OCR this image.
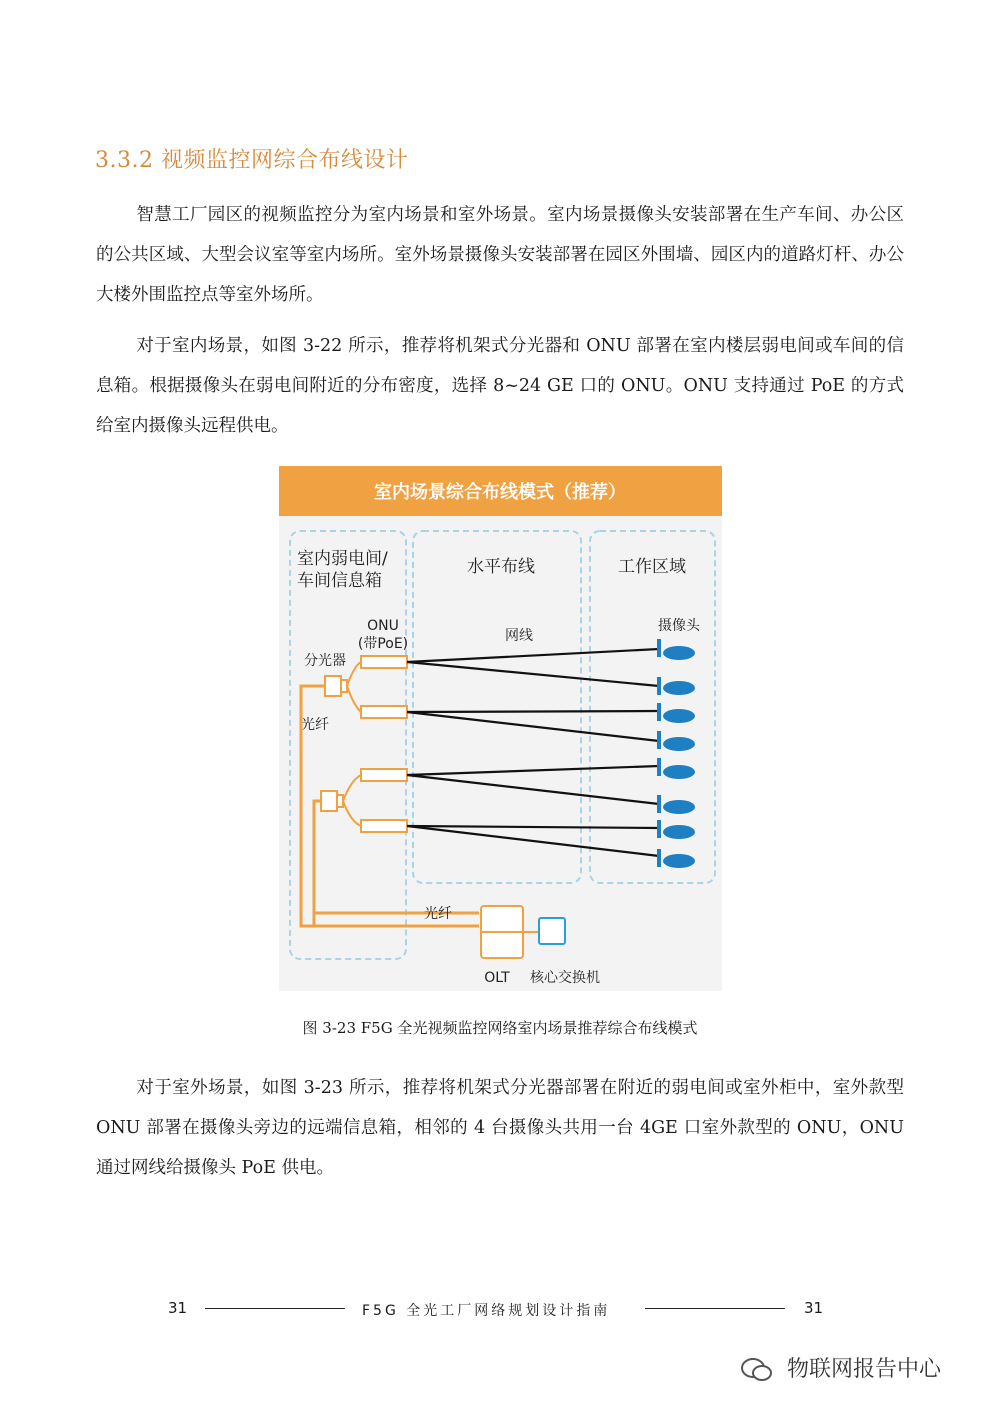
3.3.2 视频监控网综合布线设计
智慧工厂园区的视频监控分为室内场景和室外场景。室内场景摄像头安装部署在生产车间、办公区的公共区域、大型会议室等室内场所。室外场景摄像头安装部署在园区外围墙、园区内的道路灯杆、办公大楼外围监控点等室外场所。
对于室内场景，如图 3-22 所示，推荐将机架式分光器和 ONU 部署在室内楼层弱电间或车间的信息箱。根据摄像头在弱电间附近的分布密度，选择 8~24 GE 口的 ONU。ONU 支持通过 PoE 的方式给室内摄像头远程供电。
室内场景综合布线模式（推荐）
室内弱电间/
车间信息箱
水平布线	工作区域
ONU
(带PoE)
分光器
光纤
网线
摄像头
光纤
OLT 核心交换机
图 3-23 F5G 全光视频监控网络室内场景推荐综合布线模式
对于室外场景，如图 3-23 所示，推荐将机架式分光器部署在附近的弱电间或室外柜中，室外款型 ONU 部署在摄像头旁边的远端信息箱，相邻的 4 台摄像头共用一台 4GE 口室外款型的 ONU，ONU 通过网线给摄像头 PoE 供电。
31	F5G 全光工厂网络规划设计指南	31
物联网报告中心
